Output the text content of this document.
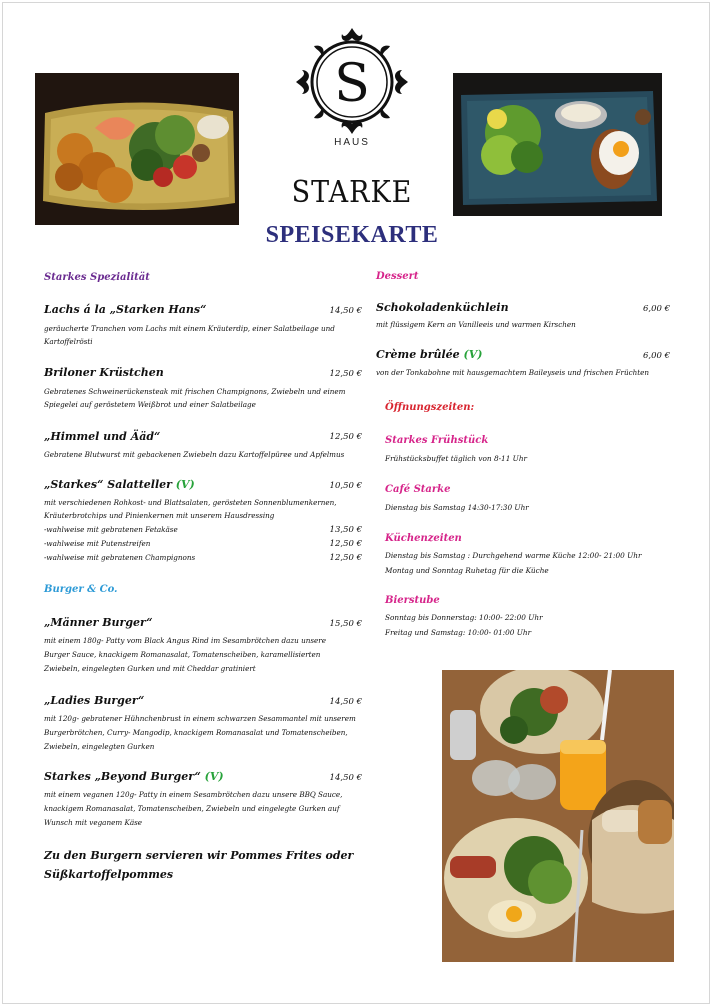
S
HAUS
STARKE
SPEISEKARTE
Starkes Spezialität
Lachs á la „Starken Hans“	14,50 €
geräucherte Tranchen vom Lachs mit einem Kräuterdip, einer Salatbeilage und
Kartoffelrösti
Briloner Krüstchen	12,50 €
Gebratenes Schweinerückensteak mit frischen Champignons, Zwiebeln und einem
Spiegelei auf geröstetem Weißbrot und einer Salatbeilage
„Himmel und Ääd“	12,50 €
Gebratene Blutwurst mit gebackenen Zwiebeln dazu Kartoffelpüree und Apfelmus
„Starkes“ Salatteller (V)	10,50 €
mit verschiedenen Rohkost- und Blattsalaten, gerösteten Sonnenblumenkernen,
Kräuterbrotchips und Pinienkernen mit unserem Hausdressing
-wahlweise mit gebratenen Fetakäse	13,50 €
-wahlweise mit Putenstreifen	12,50 €
-wahlweise mit gebratenen Champignons	12,50 €
Burger & Co.
„Männer Burger“	15,50 €
mit einem 180g- Patty vom Black Angus Rind im Sesambrötchen dazu unsere
Burger Sauce, knackigem Romanasalat, Tomatenscheiben, karamellisierten
Zwiebeln, eingelegten Gurken und mit Cheddar gratiniert
„Ladies Burger“	14,50 €
mit 120g- gebratener Hühnchenbrust in einem schwarzen Sesammantel mit unserem
Burgerbrötchen, Curry- Mangodip, knackigem Romanasalat und Tomatenscheiben,
Zwiebeln, eingelegten Gurken
Starkes „Beyond Burger“ (V)	14,50 €
mit einem veganen 120g- Patty in einem Sesambrötchen dazu unsere BBQ Sauce,
knackigem Romanasalat, Tomatenscheiben, Zwiebeln und eingelegte Gurken auf
Wunsch mit veganem Käse
Zu den Burgern servieren wir Pommes Frites oder
Süßkartoffelpommes
Dessert
Schokoladenküchlein	6,00 €
mit flüssigem Kern an Vanilleeis und warmen Kirschen
Crème brûlée (V)	6,00 €
von der Tonkabohne mit hausgemachtem Baileyseis und frischen Früchten
Öffnungszeiten:
Starkes Frühstück
Frühstücksbuffet täglich von 8-11 Uhr
Café Starke
Dienstag bis Samstag 14:30-17:30 Uhr
Küchenzeiten
Dienstag bis Samstag : Durchgehend warme Küche 12:00- 21:00 Uhr
Montag und Sonntag Ruhetag für die Küche
Bierstube
Sonntag bis Donnerstag: 10:00- 22:00 Uhr
Freitag und Samstag: 10:00- 01:00 Uhr
